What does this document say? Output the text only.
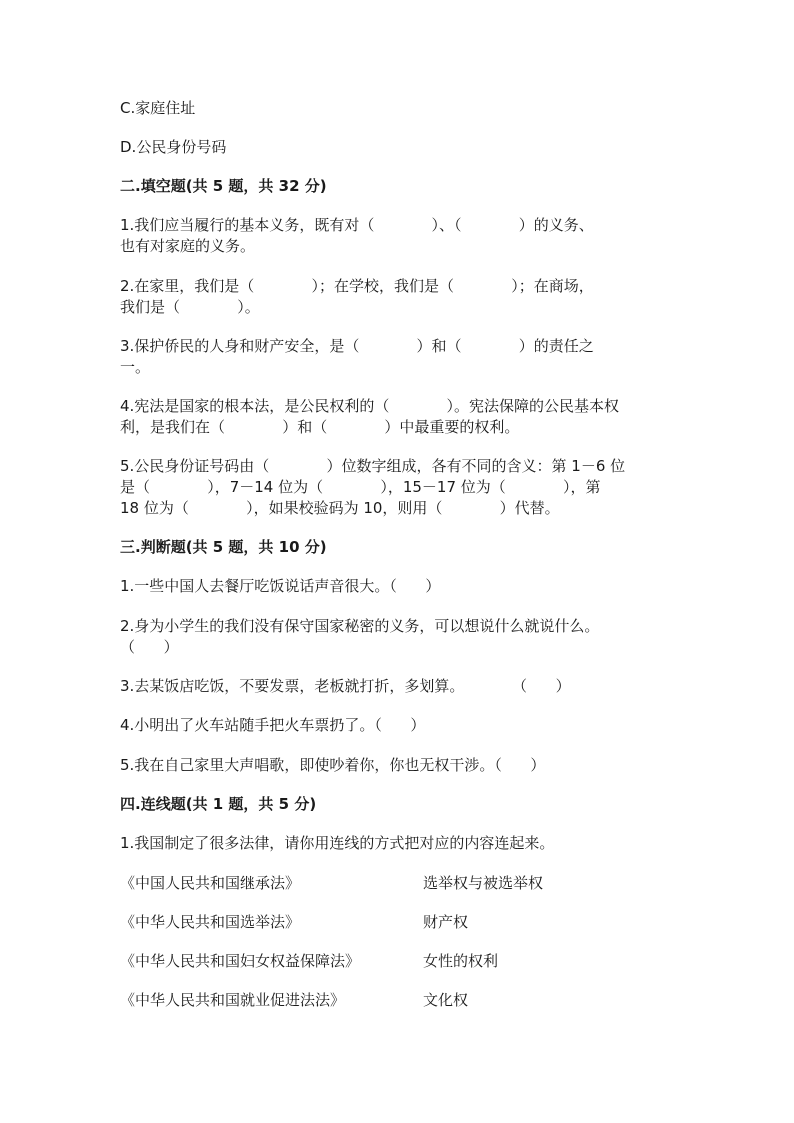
C.家庭住址
D.公民身份号码
二.填空题(共 5 题，共 32 分)
1.我们应当履行的基本义务，既有对（            ）、（            ）的义务、
也有对家庭的义务。
2.在家里，我们是（            ）；在学校，我们是（            ）；在商场，
我们是（            ）。
3.保护侨民的人身和财产安全，是（            ）和（            ）的责任之
一。
4.宪法是国家的根本法，是公民权利的（            ）。宪法保障的公民基本权
利，是我们在（            ）和（            ）中最重要的权利。
5.公民身份证号码由（            ）位数字组成，各有不同的含义：第 1－6 位
是（            ），7－14 位为（            ），15－17 位为（            ），第
18 位为（            ），如果校验码为 10，则用（            ）代替。
三.判断题(共 5 题，共 10 分)
1.一些中国人去餐厅吃饭说话声音很大。（      ）
2.身为小学生的我们没有保守国家秘密的义务，可以想说什么就说什么。
（      ）
3.去某饭店吃饭，不要发票，老板就打折，多划算。          （      ）
4.小明出了火车站随手把火车票扔了。（      ）
5.我在自己家里大声唱歌，即使吵着你，你也无权干涉。（      ）
四.连线题(共 1 题，共 5 分)
1.我国制定了很多法律，请你用连线的方式把对应的内容连起来。
《中国人民共和国继承法》	选举权与被选举权
《中华人民共和国选举法》	财产权
《中华人民共和国妇女权益保障法》	女性的权利
《中华人民共和国就业促进法法》	文化权
